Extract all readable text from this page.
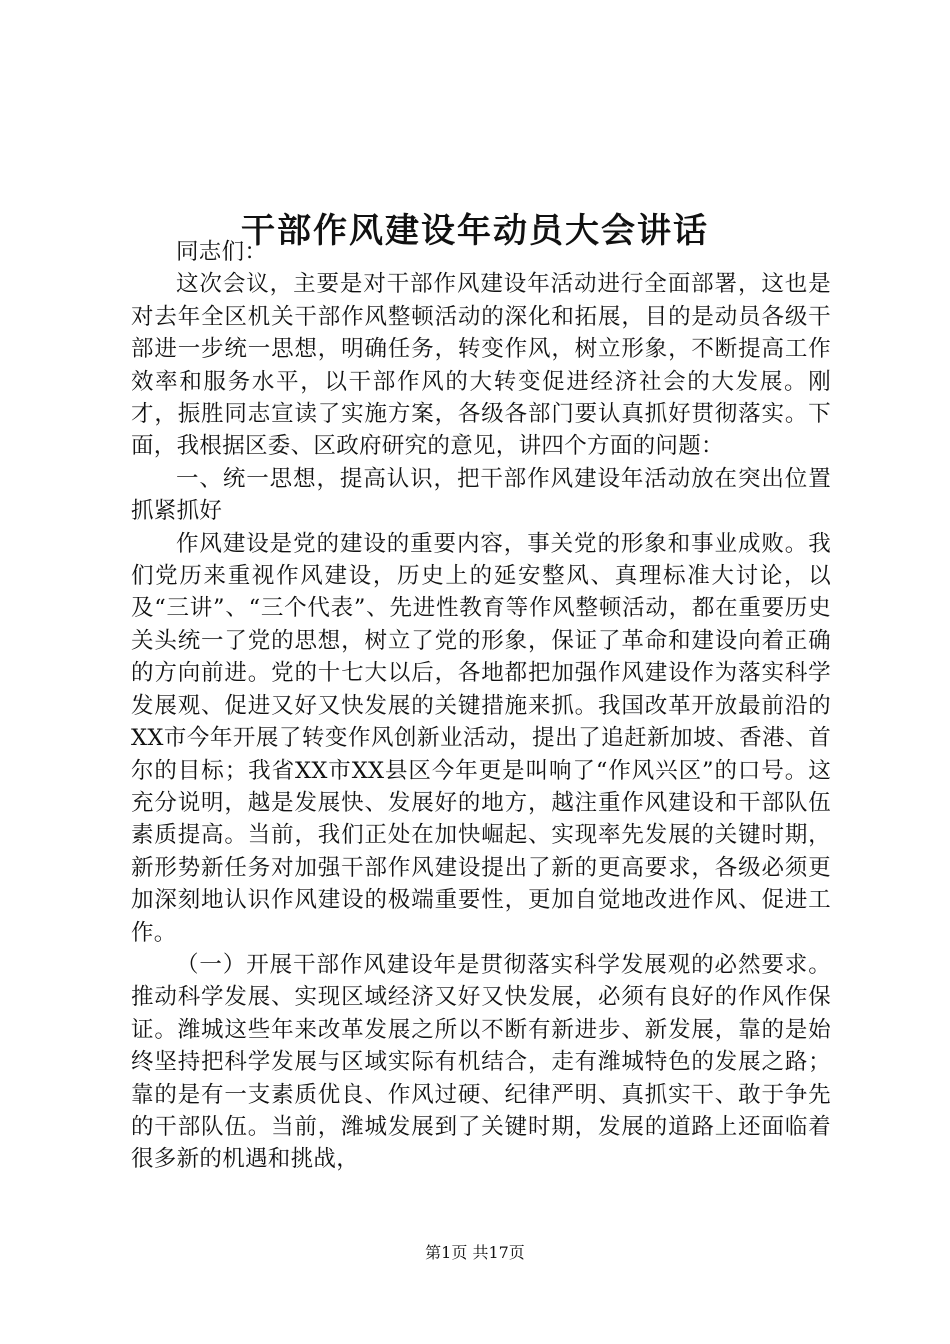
干部作风建设年动员大会讲话

同志们：

这次会议，主要是对干部作风建设年活动进行全面部署，这也是对去年全区机关干部作风整顿活动的深化和拓展，目的是动员各级干部进一步统一思想，明确任务，转变作风，树立形象，不断提高工作效率和服务水平，以干部作风的大转变促进经济社会的大发展。刚才，振胜同志宣读了实施方案，各级各部门要认真抓好贯彻落实。下面，我根据区委、区政府研究的意见，讲四个方面的问题：

一、统一思想，提高认识，把干部作风建设年活动放在突出位置抓紧抓好

作风建设是党的建设的重要内容，事关党的形象和事业成败。我们党历来重视作风建设，历史上的延安整风、真理标准大讨论，以及“三讲”、“三个代表”、先进性教育等作风整顿活动，都在重要历史关头统一了党的思想，树立了党的形象，保证了革命和建设向着正确的方向前进。党的十七大以后，各地都把加强作风建设作为落实科学发展观、促进又好又快发展的关键措施来抓。我国改革开放最前沿的XX市今年开展了转变作风创新业活动，提出了追赶新加坡、香港、首尔的目标；我省XX市XX县区今年更是叫响了“作风兴区”的口号。这充分说明，越是发展快、发展好的地方，越注重作风建设和干部队伍素质提高。当前，我们正处在加快崛起、实现率先发展的关键时期，新形势新任务对加强干部作风建设提出了新的更高要求，各级必须更加深刻地认识作风建设的极端重要性，更加自觉地改进作风、促进工作。

（一）开展干部作风建设年是贯彻落实科学发展观的必然要求。推动科学发展、实现区域经济又好又快发展，必须有良好的作风作保证。潍城这些年来改革发展之所以不断有新进步、新发展，靠的是始终坚持把科学发展与区域实际有机结合，走有潍城特色的发展之路；靠的是有一支素质优良、作风过硬、纪律严明、真抓实干、敢于争先的干部队伍。当前，潍城发展到了关键时期，发展的道路上还面临着很多新的机遇和挑战，

第1页 共17页
